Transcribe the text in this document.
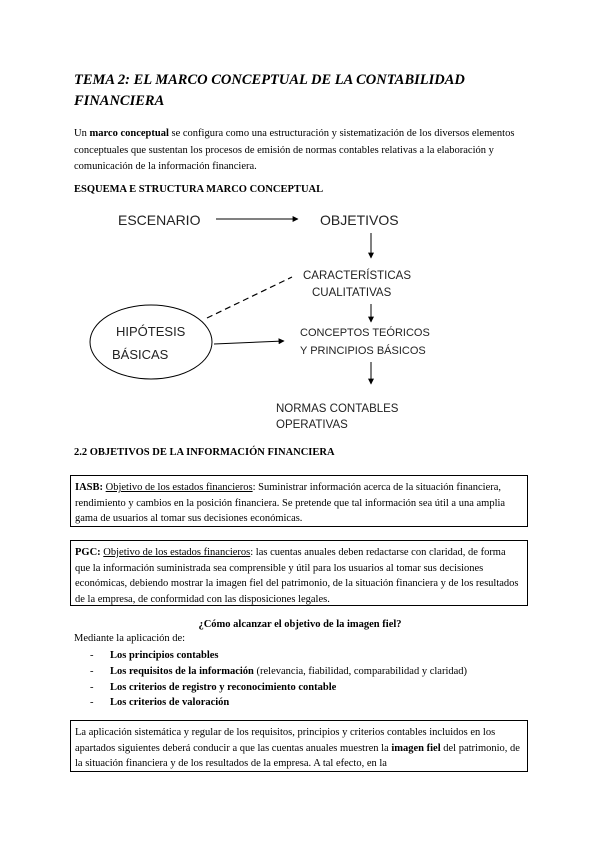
TEMA 2: EL MARCO CONCEPTUAL DE LA CONTABILIDAD FINANCIERA
Un marco conceptual se configura como una estructuración y sistematización de los diversos elementos conceptuales que sustentan los procesos de emisión de normas contables relativas a la elaboración y comunicación de la información financiera.
ESQUEMA E STRUCTURA MARCO CONCEPTUAL
ESCENARIO	OBJETIVOS
CARACTERÍSTICAS
CUALITATIVAS
HIPÓTESIS
BÁSICAS
CONCEPTOS TEÓRICOS
Y PRINCIPIOS BÁSICOS
NORMAS CONTABLES
OPERATIVAS
2.2 OBJETIVOS DE LA INFORMACIÓN FINANCIERA
IASB: Objetivo de los estados financieros: Suministrar información acerca de la situación financiera, rendimiento y cambios en la posición financiera. Se pretende que tal información sea útil a una amplia gama de usuarios al tomar sus decisiones económicas.
PGC: Objetivo de los estados financieros: las cuentas anuales deben redactarse con claridad, de forma que la información suministrada sea comprensible y útil para los usuarios al tomar sus decisiones económicas, debiendo mostrar la imagen fiel del patrimonio, de la situación financiera y de los resultados de la empresa, de conformidad con las disposiciones legales.
¿Cómo alcanzar el objetivo de la imagen fiel?
Mediante la aplicación de:
- Los principios contables
- Los requisitos de la información (relevancia, fiabilidad, comparabilidad y claridad)
- Los criterios de registro y reconocimiento contable
- Los criterios de valoración
La aplicación sistemática y regular de los requisitos, principios y criterios contables incluidos en los apartados siguientes deberá conducir a que las cuentas anuales muestren la imagen fiel del patrimonio, de la situación financiera y de los resultados de la empresa. A tal efecto, en la
